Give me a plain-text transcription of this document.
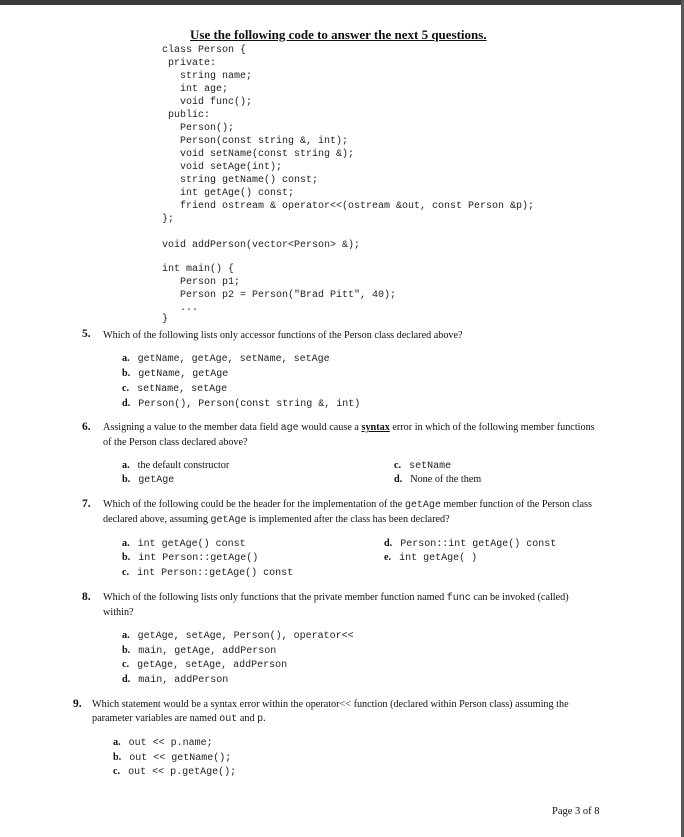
Use the following code to answer the next 5 questions.
class Person {
private:
string name;
int age;
void func();
public:
Person();
Person(const string &, int);
void setName(const string &);
void setAge(int);
string getName() const;
int getAge() const;
friend ostream & operator<<(ostream &out, const Person &p);
};
void addPerson(vector<Person> &);
int main() {
Person p1;
Person p2 = Person("Brad Pitt", 40);
...
}
5. Which of the following lists only accessor functions of the Person class declared above?
a. getName, getAge, setName, setAge
b. getName, getAge
c. setName, setAge
d. Person(), Person(const string &, int)
6. Assigning a value to the member data field age would cause a syntax error in which of the following member functions of the Person class declared above?
a. the default constructor
b. getAge
c. setName
d. None of the them
7. Which of the following could be the header for the implementation of the getAge member function of the Person class declared above, assuming getAge is implemented after the class has been declared?
a. int getAge() const
b. int Person::getAge()
c. int Person::getAge() const
d. Person::int getAge() const
e. int getAge( )
8. Which of the following lists only functions that the private member function named func can be invoked (called) within?
a. getAge, setAge, Person(), operator<<
b. main, getAge, addPerson
c. getAge, setAge, addPerson
d. main, addPerson
9. Which statement would be a syntax error within the operator<< function (declared within Person class) assuming the parameter variables are named out and p.
a. out << p.name;
b. out << getName();
c. out << p.getAge();
Page 3 of 8
